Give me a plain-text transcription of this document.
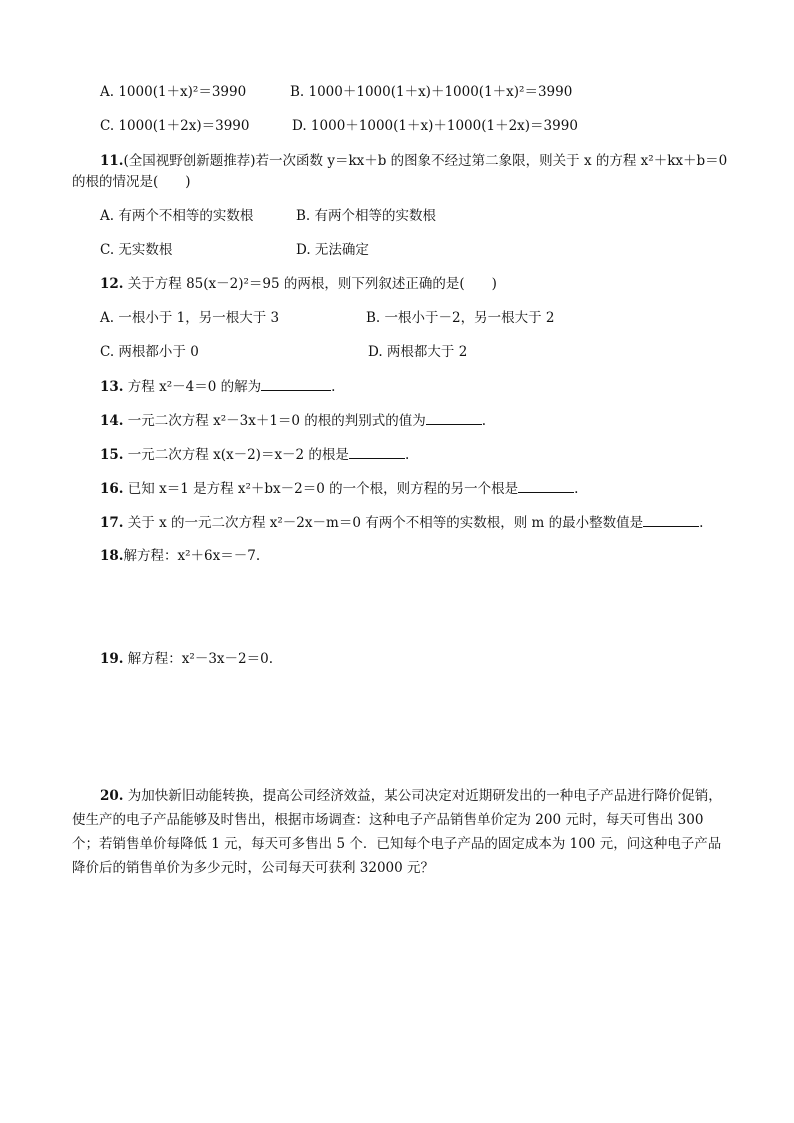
A. 1000(1＋x)²＝3990	B. 1000＋1000(1＋x)＋1000(1＋x)²＝3990
C. 1000(1＋2x)＝3990	D. 1000＋1000(1＋x)＋1000(1＋2x)＝3990
11.(全国视野创新题推荐)若一次函数 y＝kx＋b 的图象不经过第二象限，则关于 x 的方程 x²＋kx＋b＝0
的根的情况是(　　)
A. 有两个不相等的实数根	B. 有两个相等的实数根
C. 无实数根	D. 无法确定
12. 关于方程 85(x－2)²＝95 的两根，则下列叙述正确的是(　　)
A. 一根小于 1，另一根大于 3	B. 一根小于－2，另一根大于 2
C. 两根都小于 0	D. 两根都大于 2
13. 方程 x²－4＝0 的解为	.
14. 一元二次方程 x²－3x＋1＝0 的根的判别式的值为	.
15. 一元二次方程 x(x－2)＝x－2 的根是	.
16. 已知 x＝1 是方程 x²＋bx－2＝0 的一个根，则方程的另一个根是	.
17. 关于 x 的一元二次方程 x²－2x－m＝0 有两个不相等的实数根，则 m 的最小整数值是	.
18.解方程：x²＋6x＝－7.
19. 解方程：x²－3x－2＝0.
20. 为加快新旧动能转换，提高公司经济效益，某公司决定对近期研发出的一种电子产品进行降价促销，使生产的电子产品能够及时售出，根据市场调查：这种电子产品销售单价定为 200 元时，每天可售出 300 个；若销售单价每降低 1 元，每天可多售出 5 个．已知每个电子产品的固定成本为 100 元，问这种电子产品降价后的销售单价为多少元时，公司每天可获利 32000 元？
